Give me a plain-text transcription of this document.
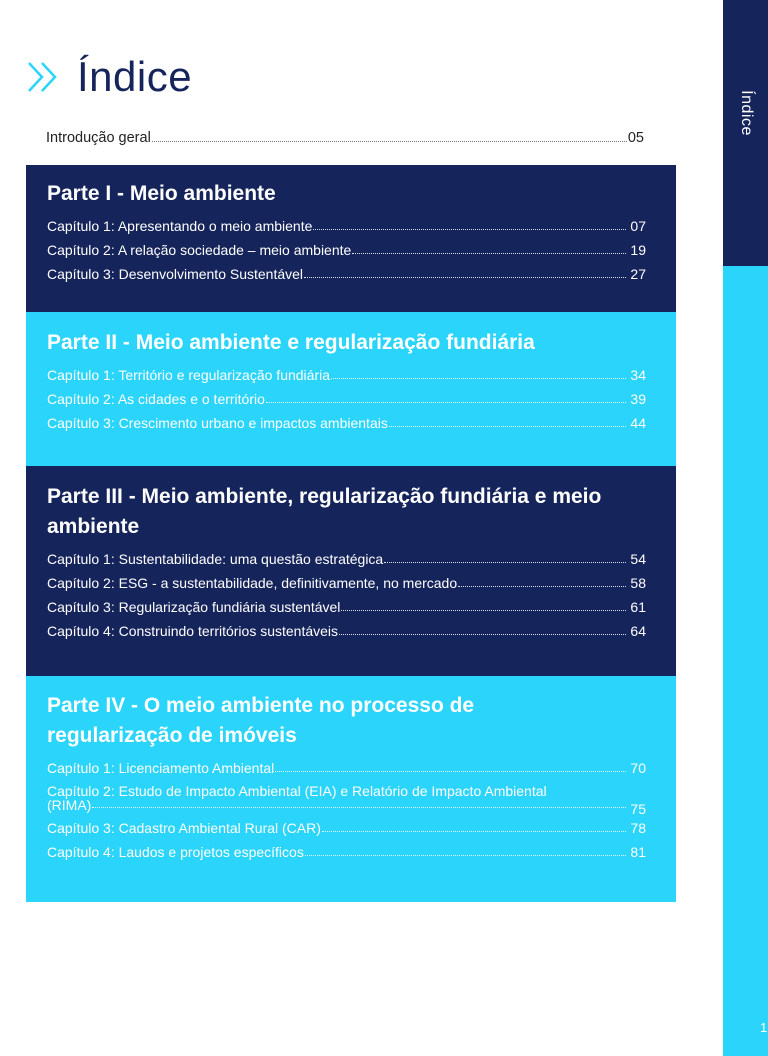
Índice
1
Índice
Introdução geral	05
Parte I - Meio ambiente
Capítulo 1: Apresentando o meio ambiente	07
Capítulo 2: A relação sociedade – meio ambiente	19
Capítulo 3: Desenvolvimento Sustentável	27
Parte II - Meio ambiente e regularização fundiária
Capítulo 1: Território e regularização fundiária	34
Capítulo 2: As cidades e o território	39
Capítulo 3: Crescimento urbano e impactos ambientais	44
Parte III - Meio ambiente, regularização fundiária e meio ambiente
Capítulo 1: Sustentabilidade: uma questão estratégica	54
Capítulo 2: ESG - a sustentabilidade, definitivamente, no mercado	58
Capítulo 3: Regularização fundiária sustentável	61
Capítulo 4: Construindo territórios sustentáveis	64
Parte IV - O meio ambiente no processo de regularização de imóveis
Capítulo 1: Licenciamento Ambiental	70
Capítulo 2: Estudo de Impacto Ambiental (EIA) e Relatório de Impacto Ambiental
(RIMA)	75
Capítulo 3: Cadastro Ambiental Rural (CAR)	78
Capítulo 4: Laudos e projetos específicos	81
